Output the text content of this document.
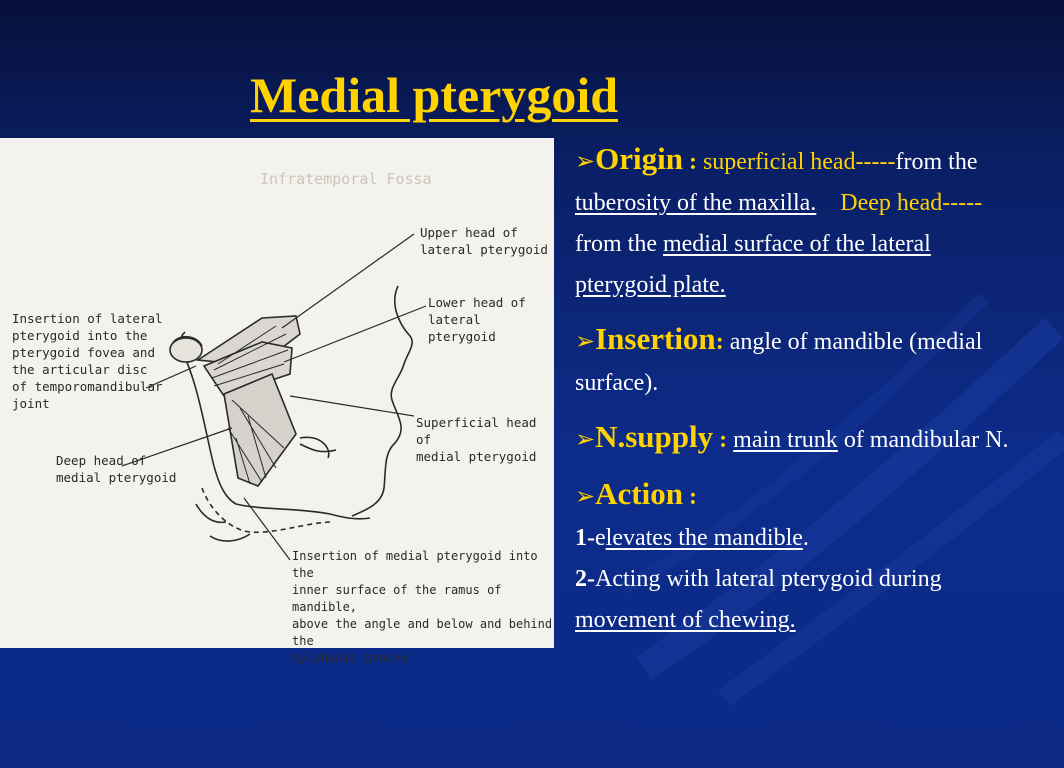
Medial pterygoid
Infratemporal Fossa

Upper head of
lateral pterygoid

Lower head of
lateral pterygoid

Insertion of lateral
pterygoid into the
pterygoid fovea and
the articular disc
of temporomandibular
joint

Superficial head of
medial pterygoid

Deep head of
medial pterygoid

Insertion of medial pterygoid into the
inner surface of the ramus of mandible,
above the angle and below and behind the
mylohyoid groove

➢Origin : superficial head-----from the tuberosity of the maxilla. Deep head----- from the medial surface of the lateral pterygoid plate.

➢Insertion: angle of mandible (medial surface).

➢N.supply : main trunk of mandibular N.

➢Action :
1-elevates the mandible.
2-Acting with lateral pterygoid during movement of chewing.
